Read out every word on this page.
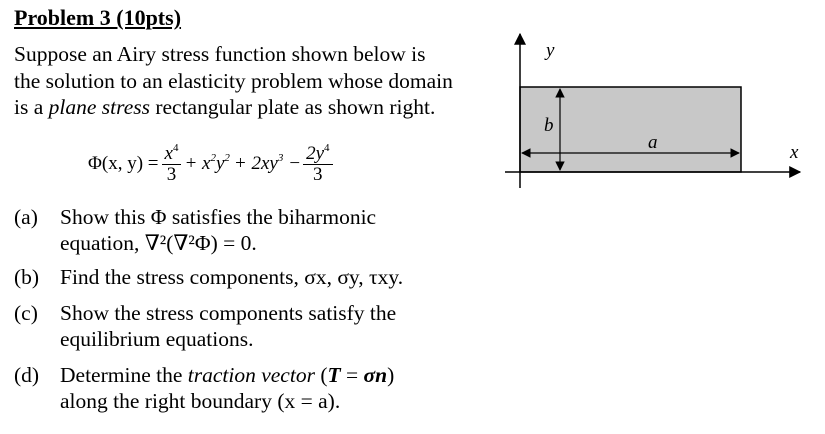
Problem 3 (10pts)
Suppose an Airy stress function shown below is
the solution to an elasticity problem whose domain
is a plane stress rectangular plate as shown right.
Φ(x, $y) = \frac{x^4}{3} + x^2y^2 + 2xy^3 - \frac{2y^4}{3}$
(a)	Show this Φ satisfies the biharmonic
equation, ∇²(∇²Φ) = 0.
(b) Find the stress components, σx, σy, τxy.
(c)	Show the stress components satisfy the
equilibrium equations.
(d) Determine the traction vector (T = σn)
along the right boundary (x = a).
y
x
b
a
